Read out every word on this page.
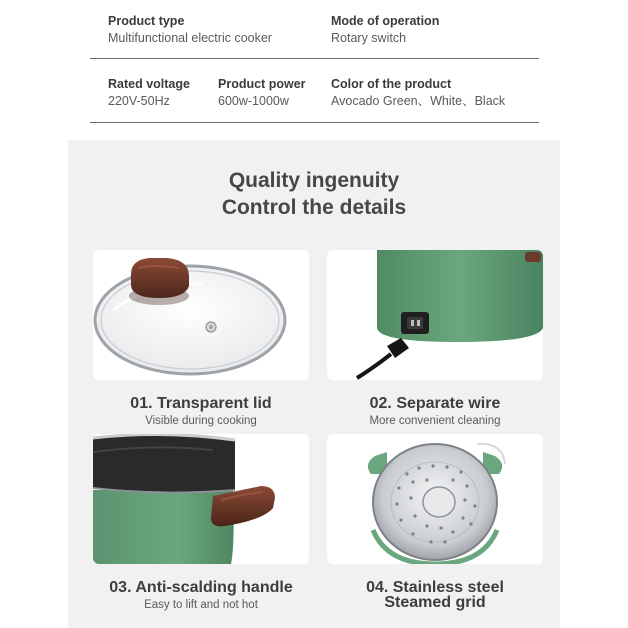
Product type
Multifunctional electric cooker
Mode of operation
Rotary switch
Rated voltage
220V-50Hz
Product power
600w-1000w
Color of the product
Avocado Green、White、Black
Quality ingenuity
Control the details
01. Transparent lid
Visible during cooking
02. Separate wire
More convenient cleaning
04. Stainless steel
Steamed grid
03. Anti-scalding handle
Easy to lift and not hot
